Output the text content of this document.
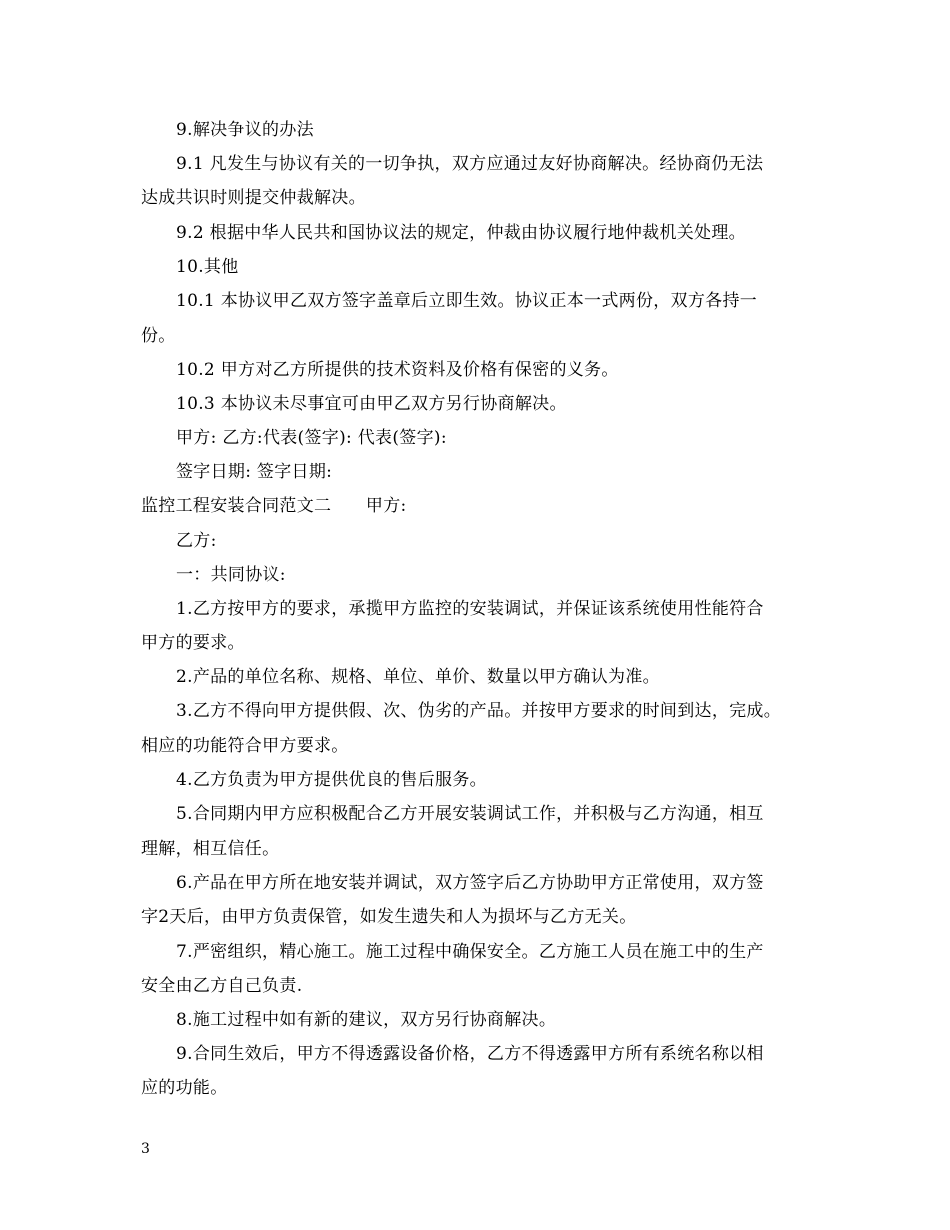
9.解决争议的办法
9.1 凡发生与协议有关的一切争执，双方应通过友好协商解决。经协商仍无法
达成共识时则提交仲裁解决。
9.2 根据中华人民共和国协议法的规定，仲裁由协议履行地仲裁机关处理。
10.其他
10.1 本协议甲乙双方签字盖章后立即生效。协议正本一式两份，双方各持一
份。
10.2 甲方对乙方所提供的技术资料及价格有保密的义务。
10.3 本协议未尽事宜可由甲乙双方另行协商解决。
甲方: 乙方:代表(签字): 代表(签字):
签字日期: 签字日期:
监控工程安装合同范文二　　甲方:
乙方:
一：共同协议:
1.乙方按甲方的要求，承揽甲方监控的安装调试，并保证该系统使用性能符合
甲方的要求。
2.产品的单位名称、规格、单位、单价、数量以甲方确认为准。
3.乙方不得向甲方提供假、次、伪劣的产品。并按甲方要求的时间到达，完成。
相应的功能符合甲方要求。
4.乙方负责为甲方提供优良的售后服务。
5.合同期内甲方应积极配合乙方开展安装调试工作，并积极与乙方沟通，相互
理解，相互信任。
6.产品在甲方所在地安装并调试，双方签字后乙方协助甲方正常使用，双方签
字2天后，由甲方负责保管，如发生遗失和人为损坏与乙方无关。
7.严密组织，精心施工。施工过程中确保安全。乙方施工人员在施工中的生产
安全由乙方自己负责.
8.施工过程中如有新的建议，双方另行协商解决。
9.合同生效后，甲方不得透露设备价格，乙方不得透露甲方所有系统名称以相
应的功能。
3
